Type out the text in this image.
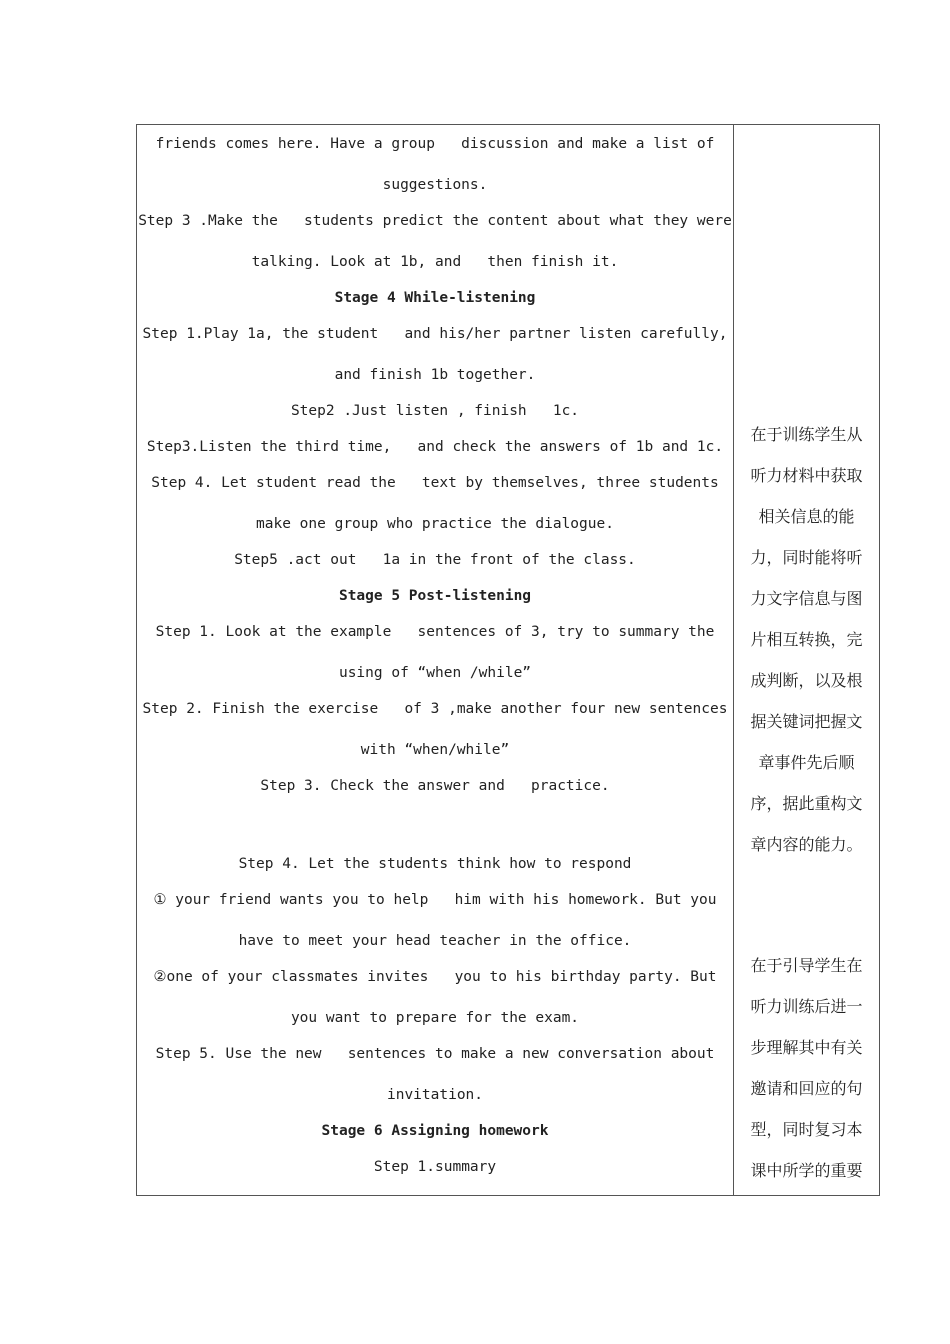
friends comes here. Have a group   discussion and make a list of
suggestions.
Step 3 .Make the   students predict the content about what they were
talking. Look at 1b, and   then finish it.
Stage 4 While-listening
Step 1.Play 1a, the student   and his/her partner listen carefully,
and finish 1b together.
Step2 .Just listen , finish   1c.
Step3.Listen the third time,   and check the answers of 1b and 1c.
Step 4. Let student read the   text by themselves, three students
make one group who practice the dialogue.
Step5 .act out   1a in the front of the class.
Stage 5 Post-listening
Step 1. Look at the example   sentences of 3, try to summary the
using of “when /while”
Step 2. Finish the exercise   of 3 ,make another four new sentences
with “when/while”
Step 3. Check the answer and   practice.
Step 4. Let the students think how to respond
① your friend wants you to help   him with his homework. But you
have to meet your head teacher in the office.
②one of your classmates invites   you to his birthday party. But
you want to prepare for the exam.
Step 5. Use the new   sentences to make a new conversation about
invitation.
Stage 6 Assigning homework
Step 1.summary
在于训练学生从
听力材料中获取
相关信息的能
力，同时能将听
力文字信息与图
片相互转换，完
成判断，以及根
据关键词把握文
章事件先后顺
序，据此重构文
章内容的能力。
在于引导学生在
听力训练后进一
步理解其中有关
邀请和回应的句
型，同时复习本
课中所学的重要
